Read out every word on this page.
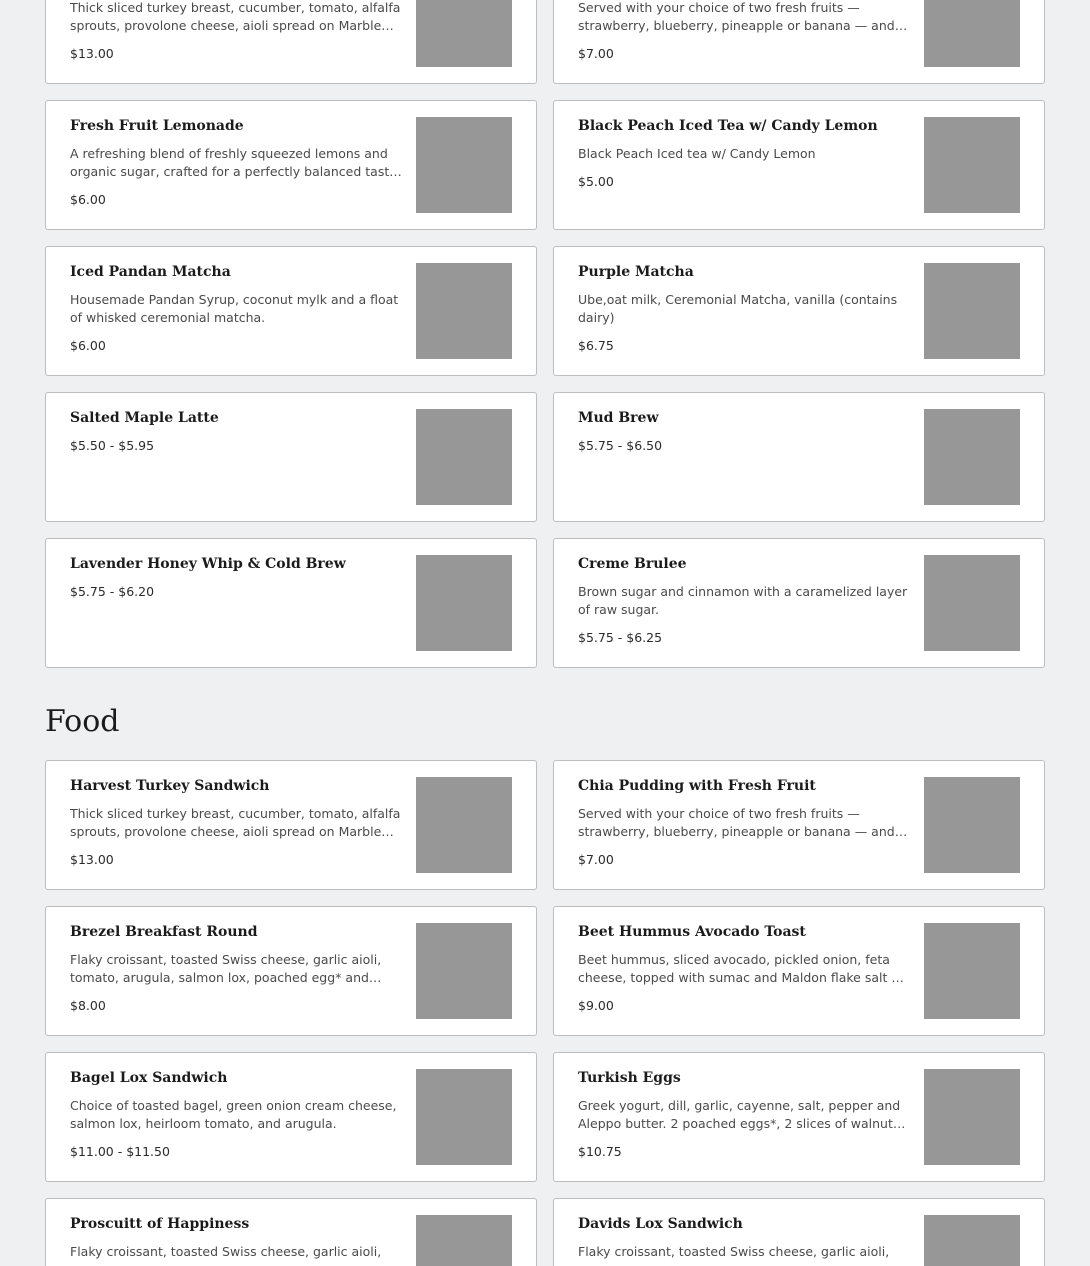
Thick sliced turkey breast, cucumber, tomato, alfalfa sprouts, provolone cheese, aioli spread on Marble
$13.00
Served with your choice of two fresh fruits — strawberry, blueberry, pineapple or banana — and
$7.00
Fresh Fruit Lemonade
A refreshing blend of freshly squeezed lemons and organic sugar, crafted for a perfectly balanced taste
$6.00
Black Peach Iced Tea w/ Candy Lemon
Black Peach Iced tea w/ Candy Lemon
$5.00
Iced Pandan Matcha
Housemade Pandan Syrup, coconut mylk and a float of whisked ceremonial matcha.
$6.00
Purple Matcha
Ube,oat milk, Ceremonial Matcha, vanilla (contains dairy)
$6.75
Salted Maple Latte
$5.50 - $5.95
Mud Brew
$5.75 - $6.50
Lavender Honey Whip & Cold Brew
$5.75 - $6.20
Creme Brulee
Brown sugar and cinnamon with a caramelized layer of raw sugar.
$5.75 - $6.25
Food
Harvest Turkey Sandwich
Thick sliced turkey breast, cucumber, tomato, alfalfa sprouts, provolone cheese, aioli spread on Marble
$13.00
Chia Pudding with Fresh Fruit
Served with your choice of two fresh fruits — strawberry, blueberry, pineapple or banana — and
$7.00
Brezel Breakfast Round
Flaky croissant, toasted Swiss cheese, garlic aioli, tomato, arugula, salmon lox, poached egg* and
$8.00
Beet Hummus Avocado Toast
Beet hummus, sliced avocado, pickled onion, feta cheese, topped with sumac and Maldon flake salt on
$9.00
Bagel Lox Sandwich
Choice of toasted bagel, green onion cream cheese, salmon lox, heirloom tomato, and arugula.
$11.00 - $11.50
Turkish Eggs
Greek yogurt, dill, garlic, cayenne, salt, pepper and Aleppo butter. 2 poached eggs*, 2 slices of walnut
$10.75
Proscuitt of Happiness
Flaky croissant, toasted Swiss cheese, garlic aioli,
Davids Lox Sandwich
Flaky croissant, toasted Swiss cheese, garlic aioli,
